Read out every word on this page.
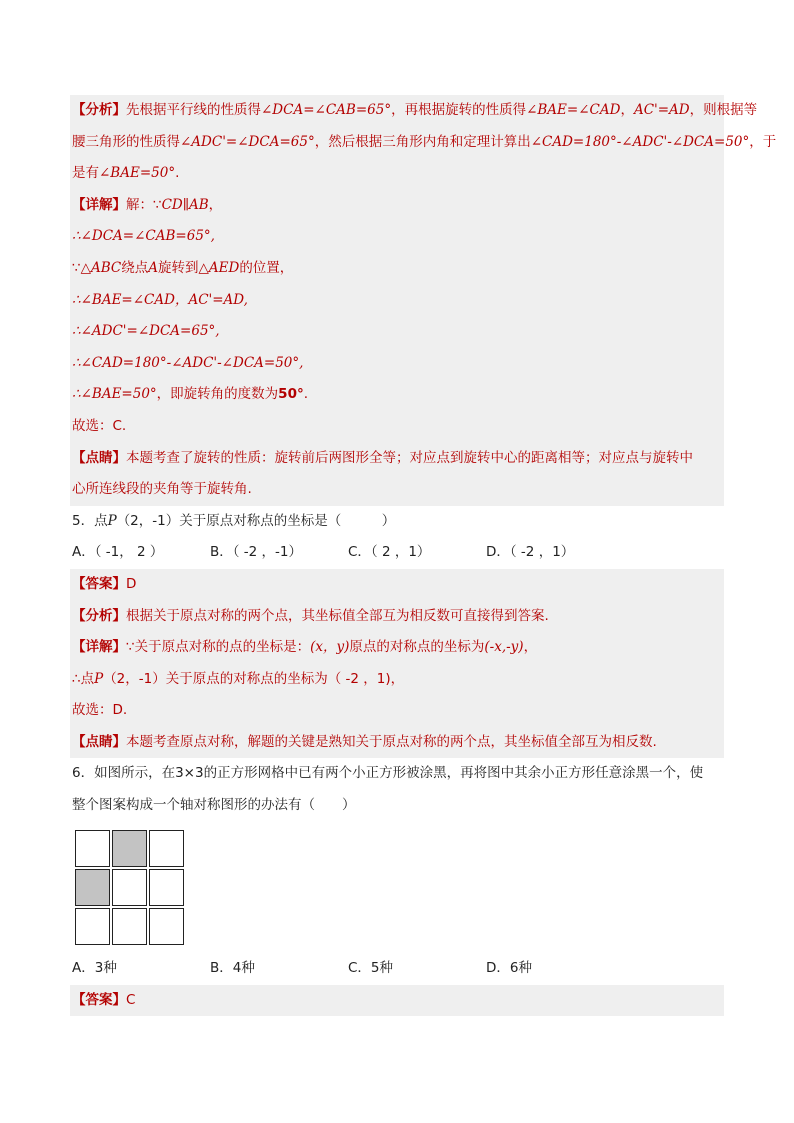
【分析】先根据平行线的性质得∠DCA=∠CAB=65°，再根据旋转的性质得∠BAE=∠CAD，AC'=AD，则根据等
腰三角形的性质得∠ADC'=∠DCA=65°，然后根据三角形内角和定理计算出∠CAD=180°-∠ADC'-∠DCA=50°，于
是有∠BAE=50°.
【详解】解：∵CD∥AB，
∴∠DCA=∠CAB=65°,
∵△ABC绕点A旋转到△AED的位置，
∴∠BAE=∠CAD，AC'=AD,
∴∠ADC'=∠DCA=65°,
∴∠CAD=180°-∠ADC'-∠DCA=50°,
∴∠BAE=50°，即旋转角的度数为50°.
故选：C.
【点睛】本题考查了旋转的性质：旋转前后两图形全等；对应点到旋转中心的距离相等；对应点与旋转中
心所连线段的夹角等于旋转角.
5．点P（2，-1）关于原点对称点的坐标是（　　　）
A．（ -1， 2 ）	B．（ -2 ，-1）	C．（ 2 ，1）	D．（ -2 ，1）
【答案】D
【分析】根据关于原点对称的两个点，其坐标值全部互为相反数可直接得到答案.
【详解】∵关于原点对称的点的坐标是：(x，y)原点的对称点的坐标为(-x,-y)，
∴点P（2，-1）关于原点的对称点的坐标为（ -2 ，1)，
故选：D.
【点睛】本题考查原点对称，解题的关键是熟知关于原点对称的两个点，其坐标值全部互为相反数.
6．如图所示，在3×3的正方形网格中已有两个小正方形被涂黑，再将图中其余小正方形任意涂黑一个，使
整个图案构成一个轴对称图形的办法有（　　）
A．3种	B．4种	C．5种	D．6种
【答案】C
